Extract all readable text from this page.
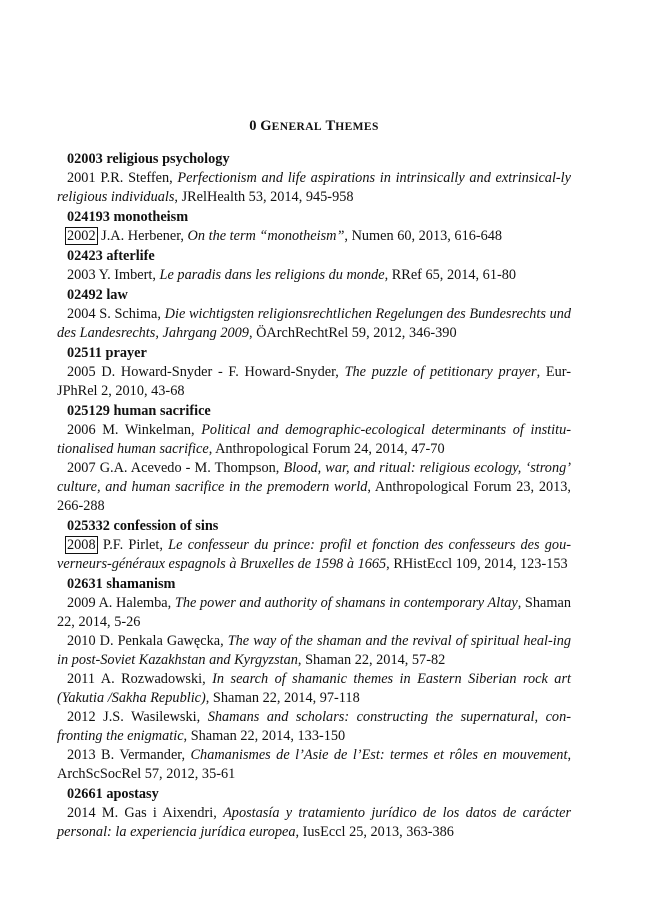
0 GENERAL THEMES
02003 religious psychology

2001 P.R. Steffen, Perfectionism and life aspirations in intrinsically and extrinsical-ly religious individuals, JRelHealth 53, 2014, 945-958

024193 monotheism

2002 J.A. Herbener, On the term “monotheism”, Numen 60, 2013, 616-648

02423 afterlife

2003 Y. Imbert, Le paradis dans les religions du monde, RRef 65, 2014, 61-80

02492 law

2004 S. Schima, Die wichtigsten religionsrechtlichen Regelungen des Bundesrechts und des Landesrechts, Jahrgang 2009, ÖArchRechtRel 59, 2012, 346-390

02511 prayer

2005 D. Howard-Snyder - F. Howard-Snyder, The puzzle of petitionary prayer, Eur-JPhRel 2, 2010, 43-68

025129 human sacrifice

2006 M. Winkelman, Political and demographic-ecological determinants of institu-tionalised human sacrifice, Anthropological Forum 24, 2014, 47-70

2007 G.A. Acevedo - M. Thompson, Blood, war, and ritual: religious ecology, ‘strong’ culture, and human sacrifice in the premodern world, Anthropological Forum 23, 2013, 266-288

025332 confession of sins

2008 P.F. Pirlet, Le confesseur du prince: profil et fonction des confesseurs des gou-verneurs-généraux espagnols à Bruxelles de 1598 à 1665, RHistEccl 109, 2014, 123-153

02631 shamanism

2009 A. Halemba, The power and authority of shamans in contemporary Altay, Shaman 22, 2014, 5-26

2010 D. Penkala Gawęcka, The way of the shaman and the revival of spiritual heal-ing in post-Soviet Kazakhstan and Kyrgyzstan, Shaman 22, 2014, 57-82

2011 A. Rozwadowski, In search of shamanic themes in Eastern Siberian rock art (Yakutia /Sakha Republic), Shaman 22, 2014, 97-118

2012 J.S. Wasilewski, Shamans and scholars: constructing the supernatural, con-fronting the enigmatic, Shaman 22, 2014, 133-150

2013 B. Vermander, Chamanismes de l’Asie de l’Est: termes et rôles en mouvement, ArchScSocRel 57, 2012, 35-61

02661 apostasy

2014 M. Gas i Aixendri, Apostasía y tratamiento jurídico de los datos de carácter personal: la experiencia jurídica europea, IusEccl 25, 2013, 363-386
